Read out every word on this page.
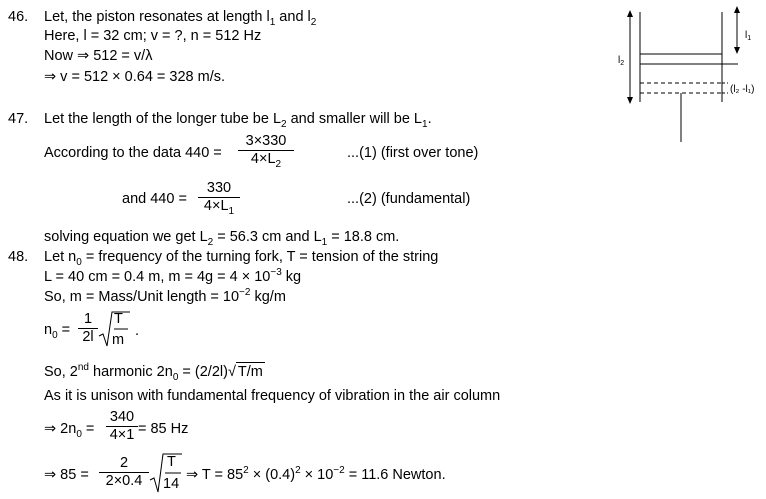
46. Let, the piston resonates at length $l_1$ and $l_2$
Here, l = 32 cm; v = ?, n = 512 Hz
Now ⇒ 512 = v/λ
⇒ v = 512 × 0.64 = 328 m/s.
$l_2$
$l_1$
(l₂ -l₁)
47. Let the length of the longer tube be $L_2$ and smaller will be $L_1$.
According to the data $440 = \frac{3\times 330}{4\times L_2}$	...(1) (first over tone)
and $440 = \frac{330}{4\times L_1}$	...(2) (fundamental)
solving equation we get $L_2 = 56.3$ cm and $L_1 = 18.8$ cm.
48. Let $n_0$ = frequency of the turning fork, T = tension of the string
L = 40 cm = 0.4 m, $m = 4g = 4 \times 10^{-3}$ kg
So, m = Mass/Unit length = $10^{-2}$ kg/m
$n_0 = \frac{1}{2l}$ T
m
.
So, 2nd harmonic $2n_0 = (2/2l)√$ T/m
As it is unison with fundamental frequency of vibration in the air column
⇒ $2n_0 = \frac{340}{4\times 1} = 85$ Hz
⇒ $85 = \frac{2}{2\times 0.4}$ T
14
⇒ $T = 85^2 \times (0.4)^2 \times 10^{-2} = 11.6$ Newton.
